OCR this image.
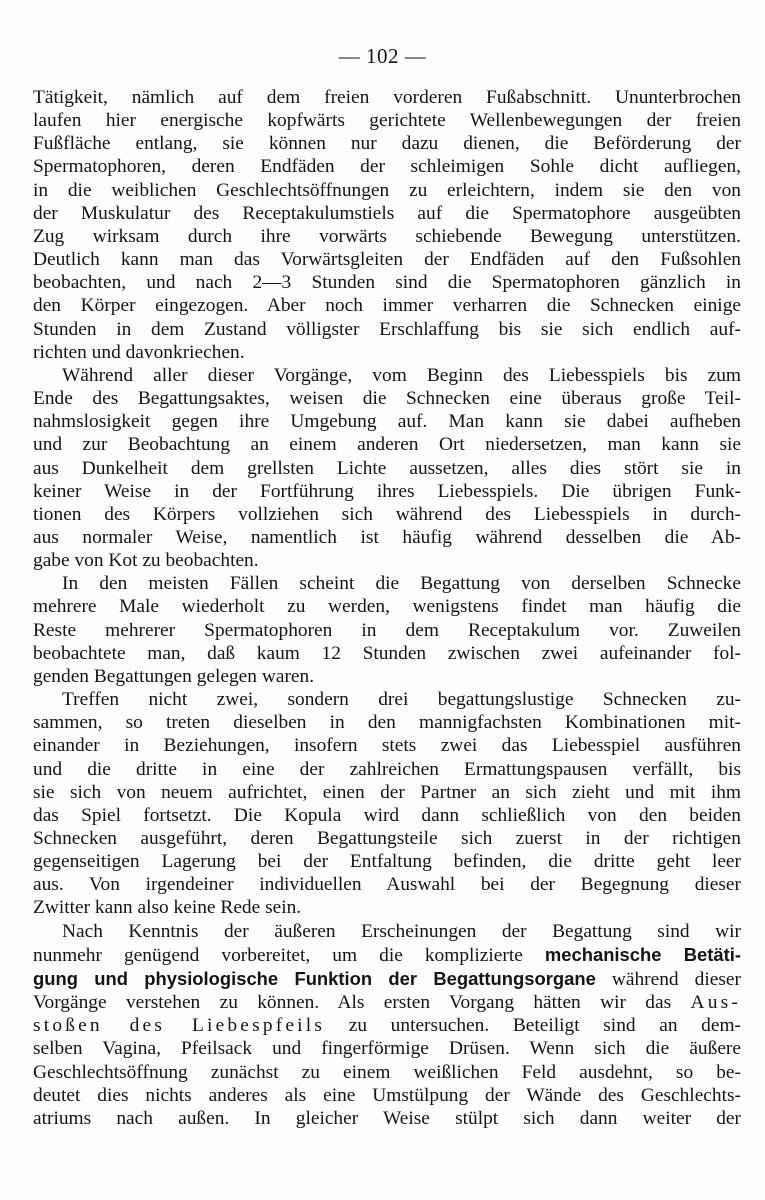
— 102 —
Tätigkeit, nämlich auf dem freien vorderen Fußabschnitt. Ununterbrochen
laufen hier energische kopfwärts gerichtete Wellenbewegungen der freien
Fußfläche entlang, sie können nur dazu dienen, die Beförderung der
Spermatophoren, deren Endfäden der schleimigen Sohle dicht aufliegen,
in die weiblichen Geschlechtsöffnungen zu erleichtern, indem sie den von
der Muskulatur des Receptakulumstiels auf die Spermatophore ausgeübten
Zug wirksam durch ihre vorwärts schiebende Bewegung unterstützen.
Deutlich kann man das Vorwärtsgleiten der Endfäden auf den Fußsohlen
beobachten, und nach 2—3 Stunden sind die Spermatophoren gänzlich in
den Körper eingezogen. Aber noch immer verharren die Schnecken einige
Stunden in dem Zustand völligster Erschlaffung bis sie sich endlich auf-
richten und davonkriechen.
Während aller dieser Vorgänge, vom Beginn des Liebesspiels bis zum
Ende des Begattungsaktes, weisen die Schnecken eine überaus große Teil-
nahmslosigkeit gegen ihre Umgebung auf. Man kann sie dabei aufheben
und zur Beobachtung an einem anderen Ort niedersetzen, man kann sie
aus Dunkelheit dem grellsten Lichte aussetzen, alles dies stört sie in
keiner Weise in der Fortführung ihres Liebesspiels. Die übrigen Funk-
tionen des Körpers vollziehen sich während des Liebesspiels in durch-
aus normaler Weise, namentlich ist häufig während desselben die Ab-
gabe von Kot zu beobachten.
In den meisten Fällen scheint die Begattung von derselben Schnecke
mehrere Male wiederholt zu werden, wenigstens findet man häufig die
Reste mehrerer Spermatophoren in dem Receptakulum vor. Zuweilen
beobachtete man, daß kaum 12 Stunden zwischen zwei aufeinander fol-
genden Begattungen gelegen waren.
Treffen nicht zwei, sondern drei begattungslustige Schnecken zu-
sammen, so treten dieselben in den mannigfachsten Kombinationen mit-
einander in Beziehungen, insofern stets zwei das Liebesspiel ausführen
und die dritte in eine der zahlreichen Ermattungspausen verfällt, bis
sie sich von neuem aufrichtet, einen der Partner an sich zieht und mit ihm
das Spiel fortsetzt. Die Kopula wird dann schließlich von den beiden
Schnecken ausgeführt, deren Begattungsteile sich zuerst in der richtigen
gegenseitigen Lagerung bei der Entfaltung befinden, die dritte geht leer
aus. Von irgendeiner individuellen Auswahl bei der Begegnung dieser
Zwitter kann also keine Rede sein.
Nach Kenntnis der äußeren Erscheinungen der Begattung sind wir
nunmehr genügend vorbereitet, um die komplizierte mechanische Betäti-
gung und physiologische Funktion der Begattungsorgane während dieser
Vorgänge verstehen zu können. Als ersten Vorgang hätten wir das Aus-
stoßen des Liebespfeils zu untersuchen. Beteiligt sind an dem-
selben Vagina, Pfeilsack und fingerförmige Drüsen. Wenn sich die äußere
Geschlechtsöffnung zunächst zu einem weißlichen Feld ausdehnt, so be-
deutet dies nichts anderes als eine Umstülpung der Wände des Geschlechts-
atriums nach außen. In gleicher Weise stülpt sich dann weiter der
